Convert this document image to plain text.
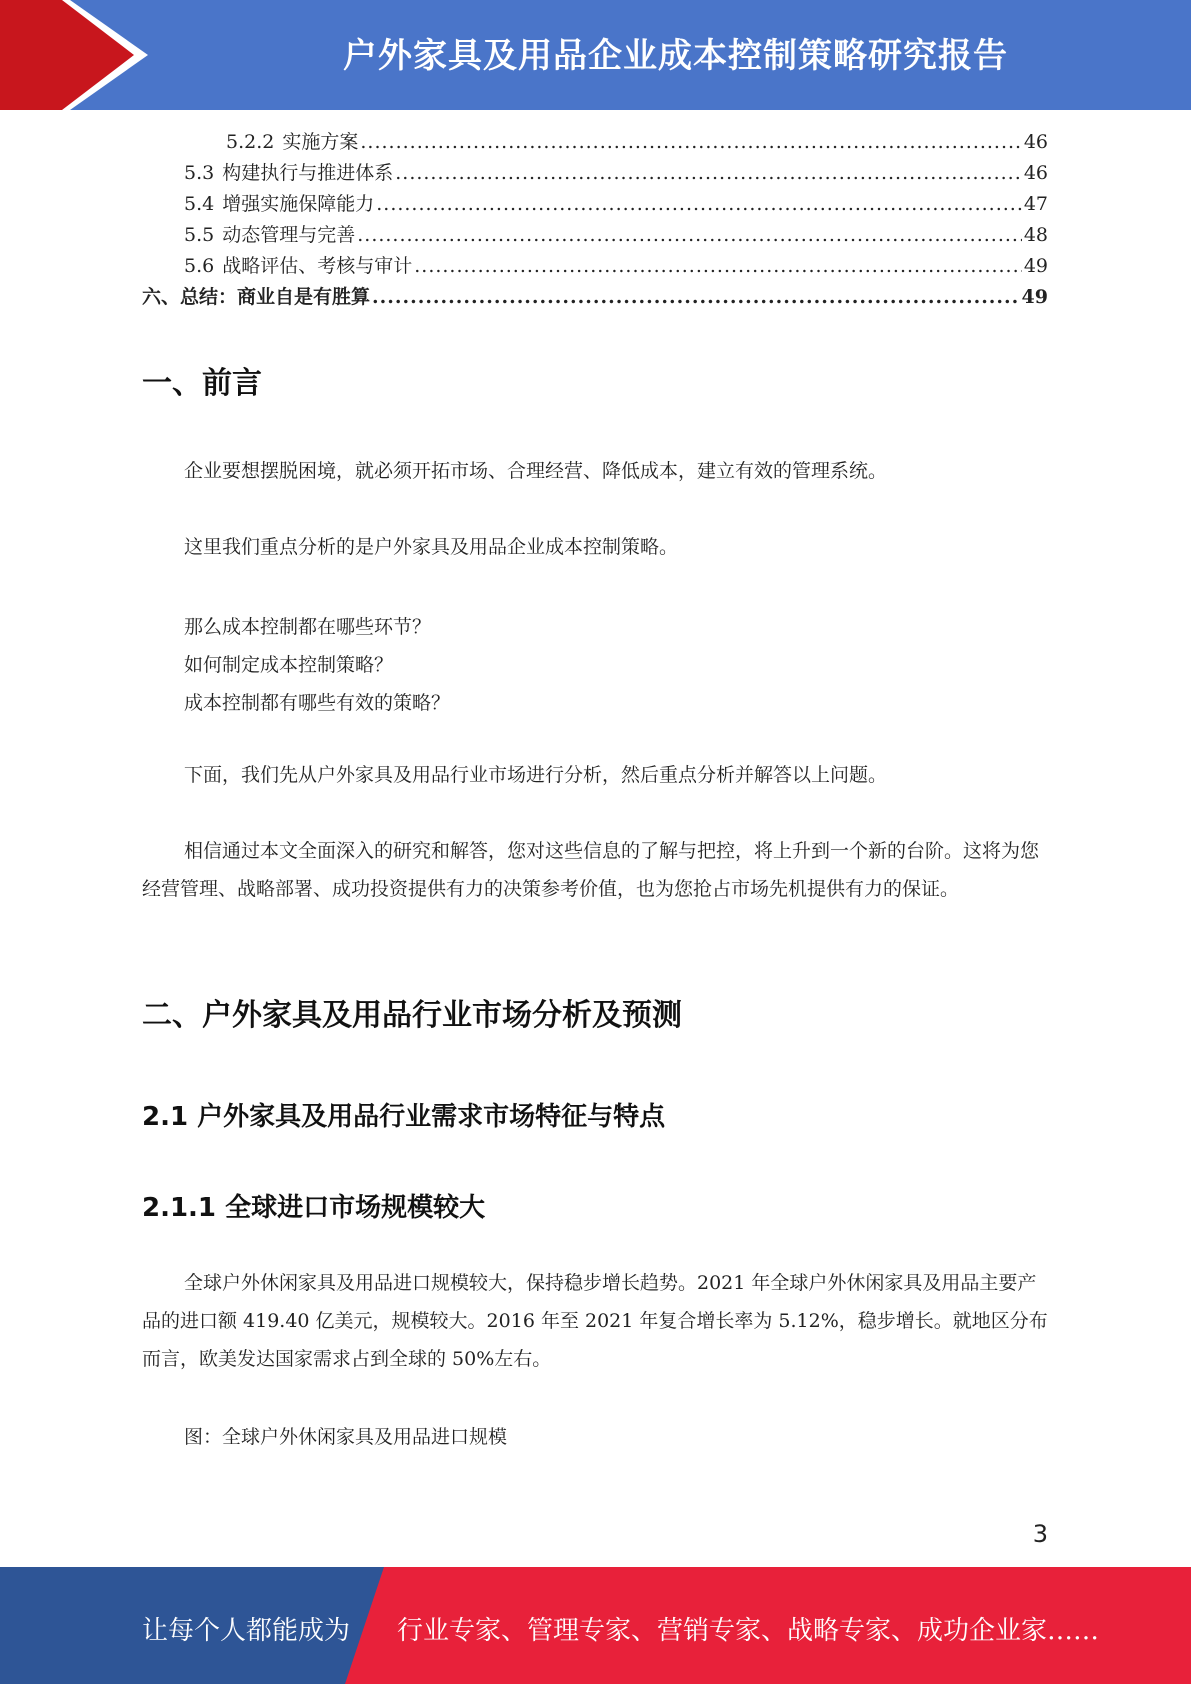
户外家具及用品企业成本控制策略研究报告
5.2.2 实施方案 .....	46
5.3 构建执行与推进体系 .....	46
5.4 增强实施保障能力 .....	47
5.5 动态管理与完善 .....	48
5.6 战略评估、考核与审计 .....	49
六、总结：商业自是有胜算 .....	49
一、前言
企业要想摆脱困境，就必须开拓市场、合理经营、降低成本，建立有效的管理系统。
这里我们重点分析的是户外家具及用品企业成本控制策略。
那么成本控制都在哪些环节？
如何制定成本控制策略？
成本控制都有哪些有效的策略？
下面，我们先从户外家具及用品行业市场进行分析，然后重点分析并解答以上问题。
相信通过本文全面深入的研究和解答，您对这些信息的了解与把控，将上升到一个新的台阶。这将为您经营管理、战略部署、成功投资提供有力的决策参考价值，也为您抢占市场先机提供有力的保证。
二、户外家具及用品行业市场分析及预测
2.1 户外家具及用品行业需求市场特征与特点
2.1.1 全球进口市场规模较大
全球户外休闲家具及用品进口规模较大，保持稳步增长趋势。2021 年全球户外休闲家具及用品主要产品的进口额 419.40 亿美元，规模较大。2016 年至 2021 年复合增长率为 5.12%，稳步增长。就地区分布而言，欧美发达国家需求占到全球的 50%左右。
图：全球户外休闲家具及用品进口规模
3
让每个人都能成为 行业专家、管理专家、营销专家、战略专家、成功企业家……
